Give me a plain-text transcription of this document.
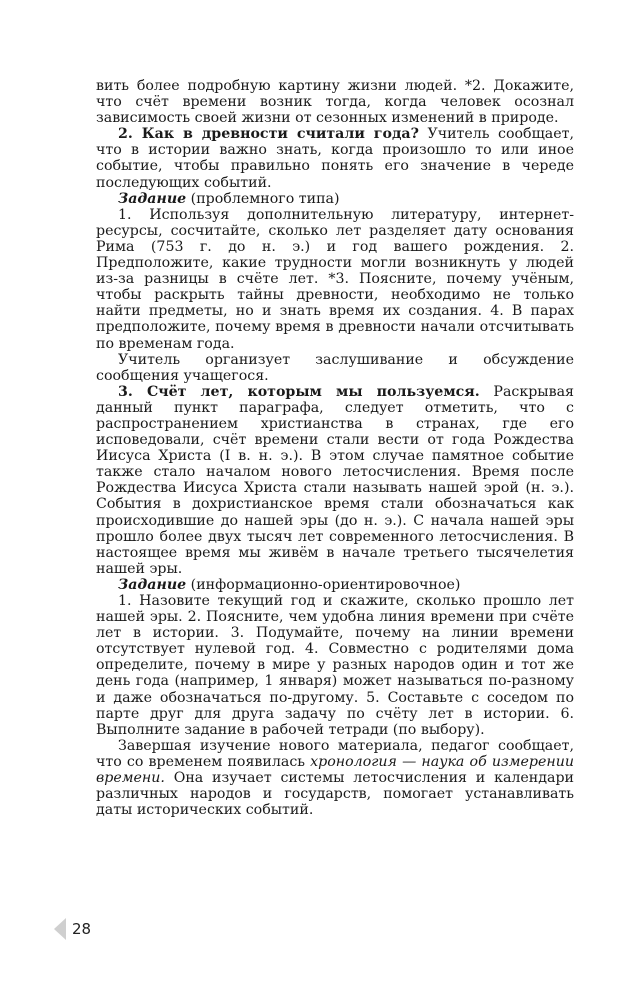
вить более подробную картину жизни людей. *2. Докажите, что счёт времени возник тогда, когда человек осознал зависимость своей жизни от сезонных изменений в природе.

2. Как в древности считали года? Учитель сообщает, что в истории важно знать, когда произошло то или иное событие, чтобы правильно понять его значение в череде последующих событий.

Задание (проблемного типа)

1. Используя дополнительную литературу, интернет-ресурсы, сосчитайте, сколько лет разделяет дату основания Рима (753 г. до н. э.) и год вашего рождения. 2. Предположите, какие трудности могли возникнуть у людей из-за разницы в счёте лет. *3. Поясните, почему учёным, чтобы раскрыть тайны древности, необходимо не только найти предметы, но и знать время их создания. 4. В парах предположите, почему время в древности начали отсчитывать по временам года.

Учитель организует заслушивание и обсуждение сообщения учащегося.

3. Счёт лет, которым мы пользуемся. Раскрывая данный пункт параграфа, следует отметить, что с распространением христианства в странах, где его исповедовали, счёт времени стали вести от года Рождества Иисуса Христа (I в. н. э.). В этом случае памятное событие также стало началом нового летосчисления. Время после Рождества Иисуса Христа стали называть нашей эрой (н. э.). События в дохристианское время стали обозначаться как происходившие до нашей эры (до н. э.). С начала нашей эры прошло более двух тысяч лет современного летосчисления. В настоящее время мы живём в начале третьего тысячелетия нашей эры.

Задание (информационно-ориентировочное)

1. Назовите текущий год и скажите, сколько прошло лет нашей эры. 2. Поясните, чем удобна линия времени при счёте лет в истории. 3. Подумайте, почему на линии времени отсутствует нулевой год. 4. Совместно с родителями дома определите, почему в мире у разных народов один и тот же день года (например, 1 января) может называться по-разному и даже обозначаться по-другому. 5. Составьте с соседом по парте друг для друга задачу по счёту лет в истории. 6. Выполните задание в рабочей тетради (по выбору).

Завершая изучение нового материала, педагог сообщает, что со временем появилась хронология — наука об измерении времени. Она изучает системы летосчисления и календари различных народов и государств, помогает устанавливать даты исторических событий.

28
